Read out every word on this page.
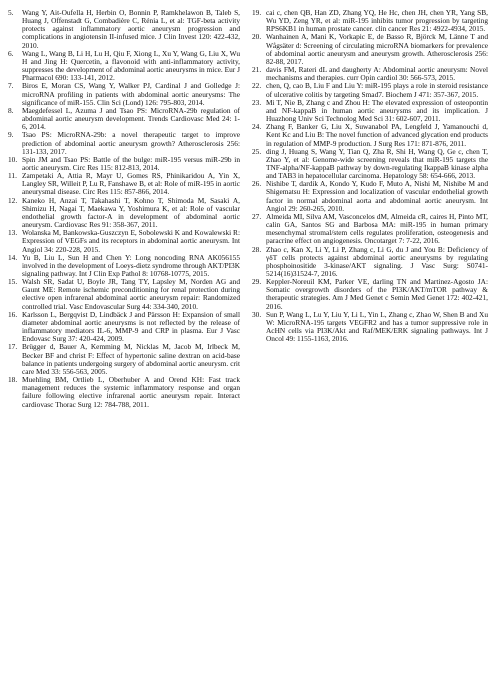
5. Wang Y, Ait-Oufella H, Herbin O, Bonnin P, Ramkhelawon B, Taleb S, Huang J, Offenstadt G, Combadière C, Rénia L, et al: TGF-beta activity protects against inflammatory aortic aneurysm progression and complications in angiotensin II-infused mice. J Clin Invest 120: 422-432, 2010.
6. Wang L, Wang B, Li H, Lu H, Qiu F, Xiong L, Xu Y, Wang G, Liu X, Wu H and Jing H: Quercetin, a flavonoid with anti-inflammatory activity, suppresses the development of abdominal aortic aneurysms in mice. Eur J Pharmacol 690: 133-141, 2012.
7. Biros E, Moran CS, Wang Y, Walker PJ, Cardinal J and Golledge J: microRNA profiling in patients with abdominal aortic aneurysms: The significance of miR-155. Clin Sci (Lond) 126: 795-803, 2014.
8. Maegdefessel L, Azuma J and Tsao PS: MicroRNA-29b regulation of abdominal aortic aneurysm development. Trends Cardiovasc Med 24: 1-6, 2014.
9. Tsao PS: MicroRNA-29b: a novel therapeutic target to improve prediction of abdominal aortic aneurysm growth? Atherosclerosis 256: 131-133, 2017.
10. Spin JM and Tsao PS: Battle of the bulge: miR-195 versus miR-29b in aortic aneurysm. Circ Res 115: 812-813, 2014.
11. Zampetaki A, Attia R, Mayr U, Gomes RS, Phinikaridou A, Yin X, Langley SR, Willeit P, Lu R, Fanshawe B, et al: Role of miR-195 in aortic aneurysmal disease. Circ Res 115: 857-866, 2014.
12. Kaneko H, Anzai T, Takahashi T, Kohno T, Shimoda M, Sasaki A, Shimizu H, Nagai T, Maekawa Y, Yoshimura K, et al: Role of vascular endothelial growth factor-A in development of abdominal aortic aneurysm. Cardiovasc Res 91: 358-367, 2011.
13. Wolanska M, Bankowska-Guszczyn E, Sobolewski K and Kowalewski R: Expression of VEGFs and its receptors in abdominal aortic aneurysm. Int Angiol 34: 220-228, 2015.
14. Yu B, Liu L, Sun H and Chen Y: Long noncoding RNA AK056155 involved in the development of Loeys-dietz syndrome through AKT/PI3K signaling pathway. Int J Clin Exp Pathol 8: 10768-10775, 2015.
15. Walsh SR, Sadat U, Boyle JR, Tang TY, Lapsley M, Norden AG and Gaunt ME: Remote ischemic preconditioning for renal protection during elective open infrarenal abdominal aortic aneurysm repair: Randomized controlled trial. Vasc Endovascular Surg 44: 334-340, 2010.
16. Karlsson L, Bergqvist D, Lindbäck J and Pärsson H: Expansion of small diameter abdominal aortic aneurysms is not reflected by the release of inflammatory mediators IL-6, MMP-9 and CRP in plasma. Eur J Vasc Endovasc Surg 37: 420-424, 2009.
17. Brügger d, Bauer A, Kemming M, Nicklas M, Jacob M, Irlbeck M, Becker BF and christ F: Effect of hypertonic saline dextran on acid-base balance in patients undergoing surgery of abdominal aortic aneurysm. crit care Med 33: 556-563, 2005.
18. Muehling BM, Ortlieb L, Oberhuber A and Orend KH: Fast track management reduces the systemic inflammatory response and organ failure following elective infrarenal aortic aneurysm repair. Interact cardiovasc Thorac Surg 12: 784-788, 2011.
19. cai c, chen QB, Han ZD, Zhang YQ, He Hc, chen JH, chen YR, Yang SB, Wu YD, Zeng YR, et al: miR-195 inhibits tumor progression by targeting RPS6KB1 in human prostate cancer. clin cancer Res 21: 4922-4934, 2015.
20. Wanhainen A, Mani K, Vorkapic E, de Basso R, Björck M, Länne T and Wågsäter d: Screening of circulating microRNA biomarkers for prevalence of abdominal aortic aneurysm and aneurysm growth. Atherosclerosis 256: 82-88, 2017.
21. davis FM, Rateri dL and daugherty A: Abdominal aortic aneurysm: Novel mechanisms and therapies. curr Opin cardiol 30: 566-573, 2015.
22. chen, Q, cao B, Liu F and Liu Y: miR-195 plays a role in steroid resistance of ulcerative colitis by targeting Smad7. Biochem J 471: 357-367, 2015.
23. Mi T, Nie B, Zhang c and Zhou H: The elevated expression of osteopontin and NF-kappaB in human aortic aneurysms and its implication. J Huazhong Univ Sci Technolog Med Sci 31: 602-607, 2011.
24. Zhang F, Banker G, Liu X, Suwanabol PA, Lengfeld J, Yamanouchi d, Kent Kc and Liu B: The novel function of advanced glycation end products in regulation of MMP-9 production. J Surg Res 171: 871-876, 2011.
25. ding J, Huang S, Wang Y, Tian Q, Zha R, Shi H, Wang Q, Ge c, chen T, Zhao Y, et al: Genome-wide screening reveals that miR-195 targets the TNF-alpha/NF-kappaB pathway by down-regulating IkappaB kinase alpha and TAB3 in hepatocellular carcinoma. Hepatology 58: 654-666, 2013.
26. Nishibe T, dardik A, Kondo Y, Kudo F, Muto A, Nishi M, Nishibe M and Shigematsu H: Expression and localization of vascular endothelial growth factor in normal abdominal aorta and abdominal aortic aneurysm. Int Angiol 29: 260-265, 2010.
27. Almeida MI, Silva AM, Vasconcelos dM, Almeida cR, caires H, Pinto MT, calin GA, Santos SG and Barbosa MA: miR-195 in human primary mesenchymal stromal/stem cells regulates proliferation, osteogenesis and paracrine effect on angiogenesis. Oncotarget 7: 7-22, 2016.
28. Zhao c, Kan X, Li Y, Li P, Zhang c, Li G, du J and You B: Deficiency of γδT cells protects against abdominal aortic aneurysms by regulating phosphoinositide 3-kinase/AKT signaling. J Vasc Surg: S0741-5214(16)31524-7, 2016.
29. Keppler-Noreuil KM, Parker VE, darling TN and Martinez-Agosto JA: Somatic overgrowth disorders of the PI3K/AKT/mTOR pathway & therapeutic strategies. Am J Med Genet c Semin Med Genet 172: 402-421, 2016.
30. Sun P, Wang L, Lu Y, Liu Y, Li L, Yin L, Zhang c, Zhao W, Shen B and Xu W: MicroRNA-195 targets VEGFR2 and has a tumor suppressive role in AcHN cells via PI3K/Akt and Raf/MEK/ERK signaling pathways. Int J Oncol 49: 1155-1163, 2016.
